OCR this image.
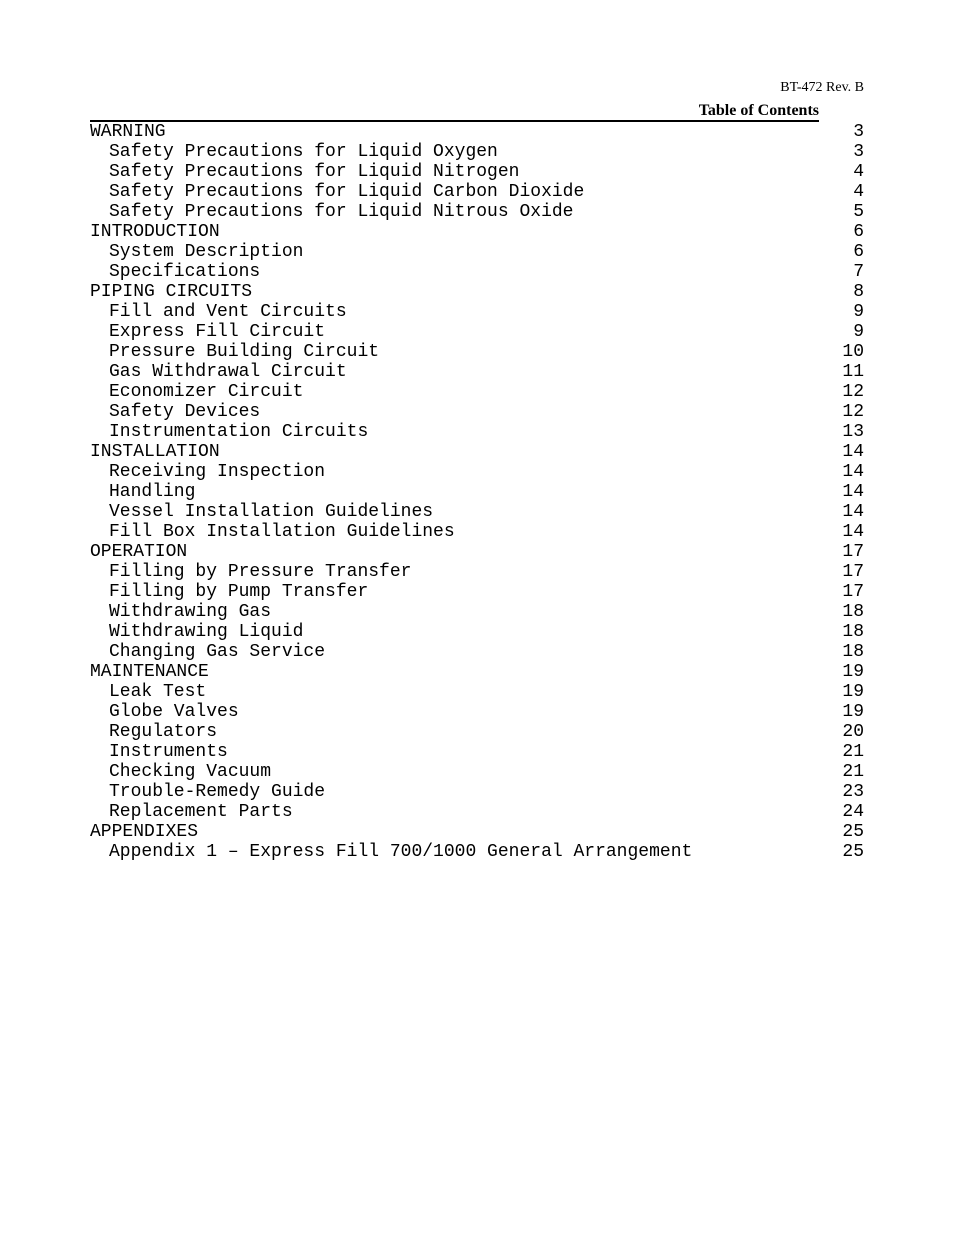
BT-472 Rev. B
Table of Contents
WARNING	3
Safety Precautions for Liquid Oxygen	3
Safety Precautions for Liquid Nitrogen	4
Safety Precautions for Liquid Carbon Dioxide	4
Safety Precautions for Liquid Nitrous Oxide	5
INTRODUCTION	6
System Description	6
Specifications	7
PIPING CIRCUITS	8
Fill and Vent Circuits	9
Express Fill Circuit	9
Pressure Building Circuit	10
Gas Withdrawal Circuit	11
Economizer Circuit	12
Safety Devices	12
Instrumentation Circuits	13
INSTALLATION	14
Receiving Inspection	14
Handling	14
Vessel Installation Guidelines	14
Fill Box Installation Guidelines	14
OPERATION	17
Filling by Pressure Transfer	17
Filling by Pump Transfer	17
Withdrawing Gas	18
Withdrawing Liquid	18
Changing Gas Service	18
MAINTENANCE	19
Leak Test	19
Globe Valves	19
Regulators	20
Instruments	21
Checking Vacuum	21
Trouble-Remedy Guide	23
Replacement Parts	24
APPENDIXES	25
Appendix 1 – Express Fill 700/1000 General Arrangement	25
